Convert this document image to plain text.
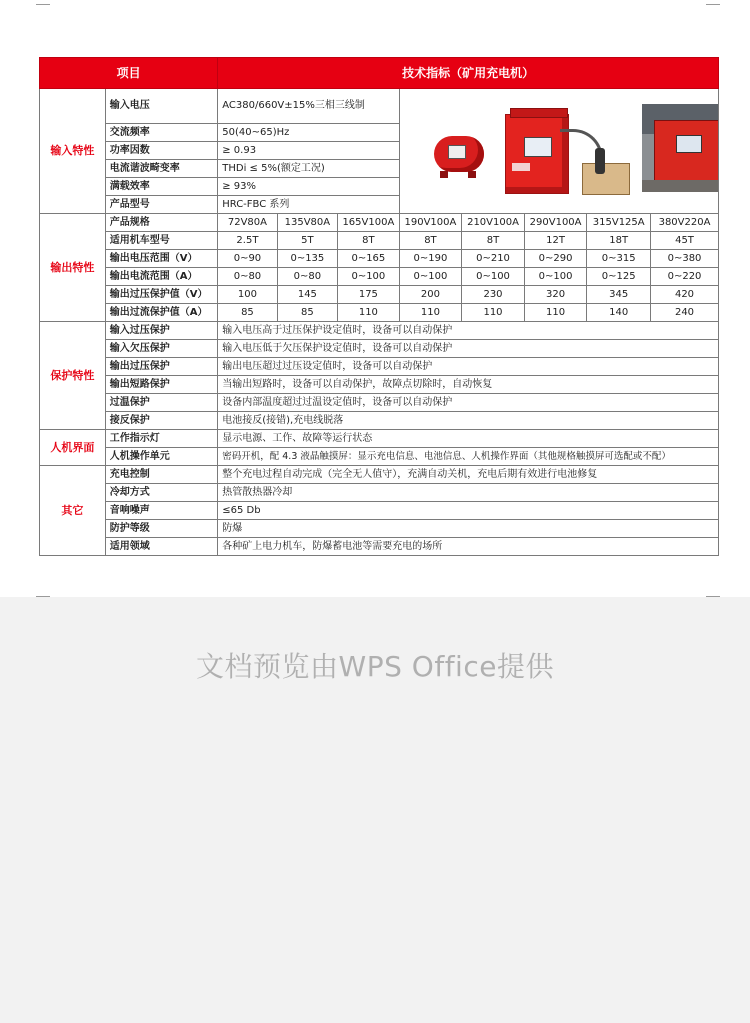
项目		技术指标（矿用充电机）							
输入特性	输入电压	AC380/660V±15%三相三线制							

	交流频率	50(40~65)Hz							
	功率因数	≥ 0.93							
	电流谐波畸变率	THDi ≤ 5%(额定工况)							
	满载效率	≥ 93%							
	产品型号	HRC-FBC 系列							
输出特性	产品规格	72V80A	135V80A	165V100A	190V100A	210V100A	290V100A	315V125A	380V220A
	适用机车型号	2.5T	5T	8T	8T	8T	12T	18T	45T
	输出电压范围（V）	0~90	0~135	0~165	0~190	0~210	0~290	0~315	0~380
	输出电流范围（A）	0~80	0~80	0~100	0~100	0~100	0~100	0~125	0~220
	输出过压保护值（V）	100	145	175	200	230	320	345	420
	输出过流保护值（A）	85	85	110	110	110	110	140	240
保护特性	输入过压保护	输入电压高于过压保护设定值时，设备可以自动保护							
	输入欠压保护	输入电压低于欠压保护设定值时，设备可以自动保护							
	输出过压保护	输出电压超过过压设定值时，设备可以自动保护							
	输出短路保护	当输出短路时，设备可以自动保护，故障点切除时，自动恢复							
	过温保护	设备内部温度超过过温设定值时，设备可以自动保护							
	接反保护	电池接反(接错),充电线脱落							
人机界面	工作指示灯	显示电源、工作、故障等运行状态							
	人机操作单元	密码开机，配 4.3 液晶触摸屏：显示充电信息、电池信息、人机操作界面（其他规格触摸屏可选配或不配）							
其它	充电控制	整个充电过程自动完成（完全无人值守），充满自动关机，充电后期有效进行电池修复							
	冷却方式	热管散热器冷却							
	音响噪声	≤65 Db							
	防护等级	防爆							
	适用领域	各种矿上电力机车，防爆蓄电池等需要充电的场所							
文档预览由WPS Office提供
